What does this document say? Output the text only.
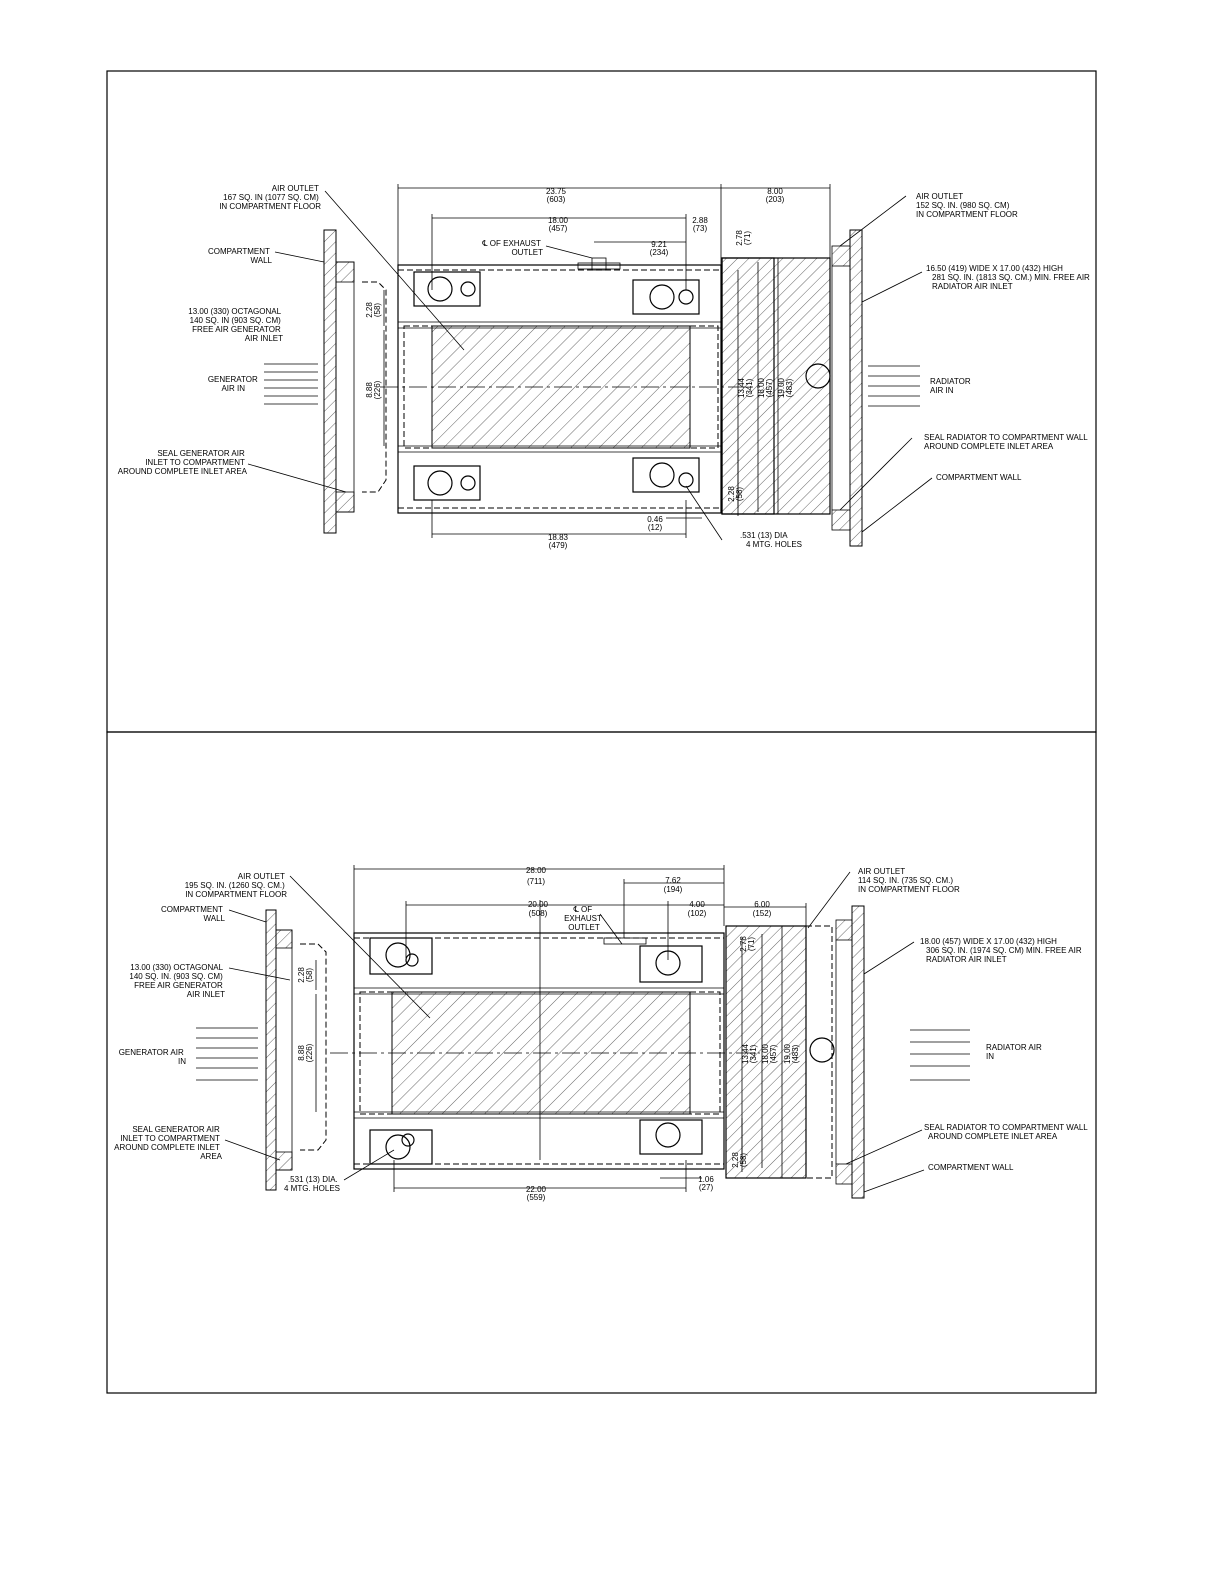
AIR OUTLET 167 SQ. IN (1077 SQ. CM) IN COMPARTMENT FLOOR
COMPARTMENT WALL
13.00 (330) OCTAGONAL 140 SQ. IN (903 SQ. CM) FREE AIR GENERATOR AIR INLET
GENERATOR AIR IN
SEAL GENERATOR AIR INLET TO COMPARTMENT AROUND COMPLETE INLET AREA
℄ OF EXHAUST OUTLET
AIR OUTLET 152 SQ. IN. (980 SQ. CM) IN COMPARTMENT FLOOR
16.50 (419) WIDE X 17.00 (432) HIGH 281 SQ. IN. (1813 SQ. CM.) MIN. FREE AIR RADIATOR AIR INLET
RADIATOR AIR IN
SEAL RADIATOR TO COMPARTMENT WALL AROUND COMPLETE INLET AREA
COMPARTMENT WALL
.531 (13) DIA 4 MTG. HOLES
23.75 (603)
8.00 (203)
18.00 (457)
2.88 (73)
2.78(71)
9.21 (234)
2.28(58)
8.88(226)	13.44(341) 18.00(457) 19.00(483)
2.28(58)
0.46 (12)
18.83 (479)
AIR OUTLET 195 SQ. IN. (1260 SQ. CM.) IN COMPARTMENT FLOOR
COMPARTMENT WALL
13.00 (330) OCTAGONAL 140 SQ. IN. (903 SQ. CM) FREE AIR GENERATOR AIR INLET
GENERATOR AIR IN
SEAL GENERATOR AIR INLET TO COMPARTMENT AROUND COMPLETE INLET AREA
℄ OF EXHAUST OUTLET
AIR OUTLET 114 SQ. IN. (735 SQ. CM.) IN COMPARTMENT FLOOR
18.00 (457) WIDE X 17.00 (432) HIGH 306 SQ. IN. (1974 SQ. CM) MIN. FREE AIR RADIATOR AIR INLET
RADIATOR AIR IN
SEAL RADIATOR TO COMPARTMENT WALL AROUND COMPLETE INLET AREA
COMPARTMENT WALL
.531 (13) DIA. 4 MTG. HOLES
28.00 (711)	7.62 (194)
20.00 (508)
4.00 (102)
6.00 (152)
2.78(71)
2.28(58)
8.88(226)	13.44(341) 18.00(457) 19.00(483)
2.28(58)
22.00 (559)
1.06 (27)
